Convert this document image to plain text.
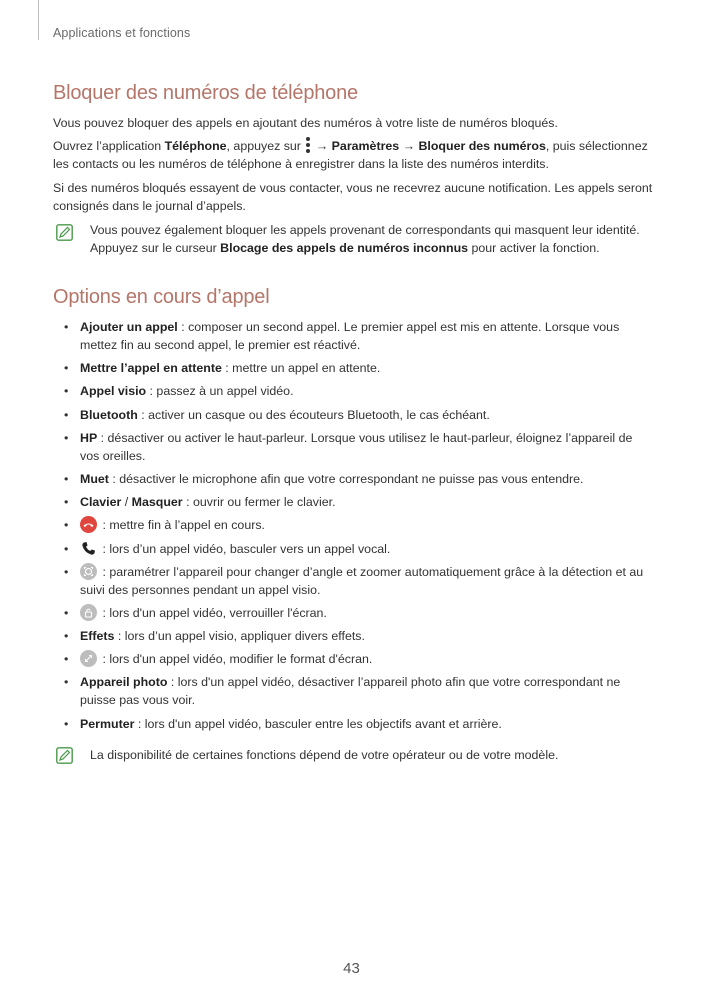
Applications et fonctions
Bloquer des numéros de téléphone

Vous pouvez bloquer des appels en ajoutant des numéros à votre liste de numéros bloqués.

Ouvrez l’application Téléphone, appuyez sur
→ Paramètres → Bloquer des numéros, puis sélectionnez les contacts ou les numéros de téléphone à enregistrer dans la liste des numéros interdits.

Si des numéros bloqués essayent de vous contacter, vous ne recevrez aucune notification. Les appels seront consignés dans le journal d’appels.

Vous pouvez également bloquer les appels provenant de correspondants qui masquent leur identité. Appuyez sur le curseur Blocage des appels de numéros inconnus pour activer la fonction.

Options en cours d’appel
• Ajouter un appel : composer un second appel. Le premier appel est mis en attente. Lorsque vous mettez fin au second appel, le premier est réactivé.
• Mettre l’appel en attente : mettre un appel en attente.
• Appel visio : passez à un appel vidéo.
• Bluetooth : activer un casque ou des écouteurs Bluetooth, le cas échéant.
• HP : désactiver ou activer le haut-parleur. Lorsque vous utilisez le haut-parleur, éloignez l’appareil de vos oreilles.
• Muet : désactiver le microphone afin que votre correspondant ne puisse pas vous entendre.
• Clavier / Masquer : ouvrir ou fermer le clavier.
• : mettre fin à l’appel en cours.
• : lors d’un appel vidéo, basculer vers un appel vocal.
• : paramétrer l’appareil pour changer d’angle et zoomer automatiquement grâce à la détection et au suivi des personnes pendant un appel visio.
• : lors d'un appel vidéo, verrouiller l'écran.
• Effets : lors d’un appel visio, appliquer divers effets.
• : lors d'un appel vidéo, modifier le format d'écran.
• Appareil photo : lors d'un appel vidéo, désactiver l’appareil photo afin que votre correspondant ne puisse pas vous voir.
• Permuter : lors d'un appel vidéo, basculer entre les objectifs avant et arrière.

La disponibilité de certaines fonctions dépend de votre opérateur ou de votre modèle.

43
